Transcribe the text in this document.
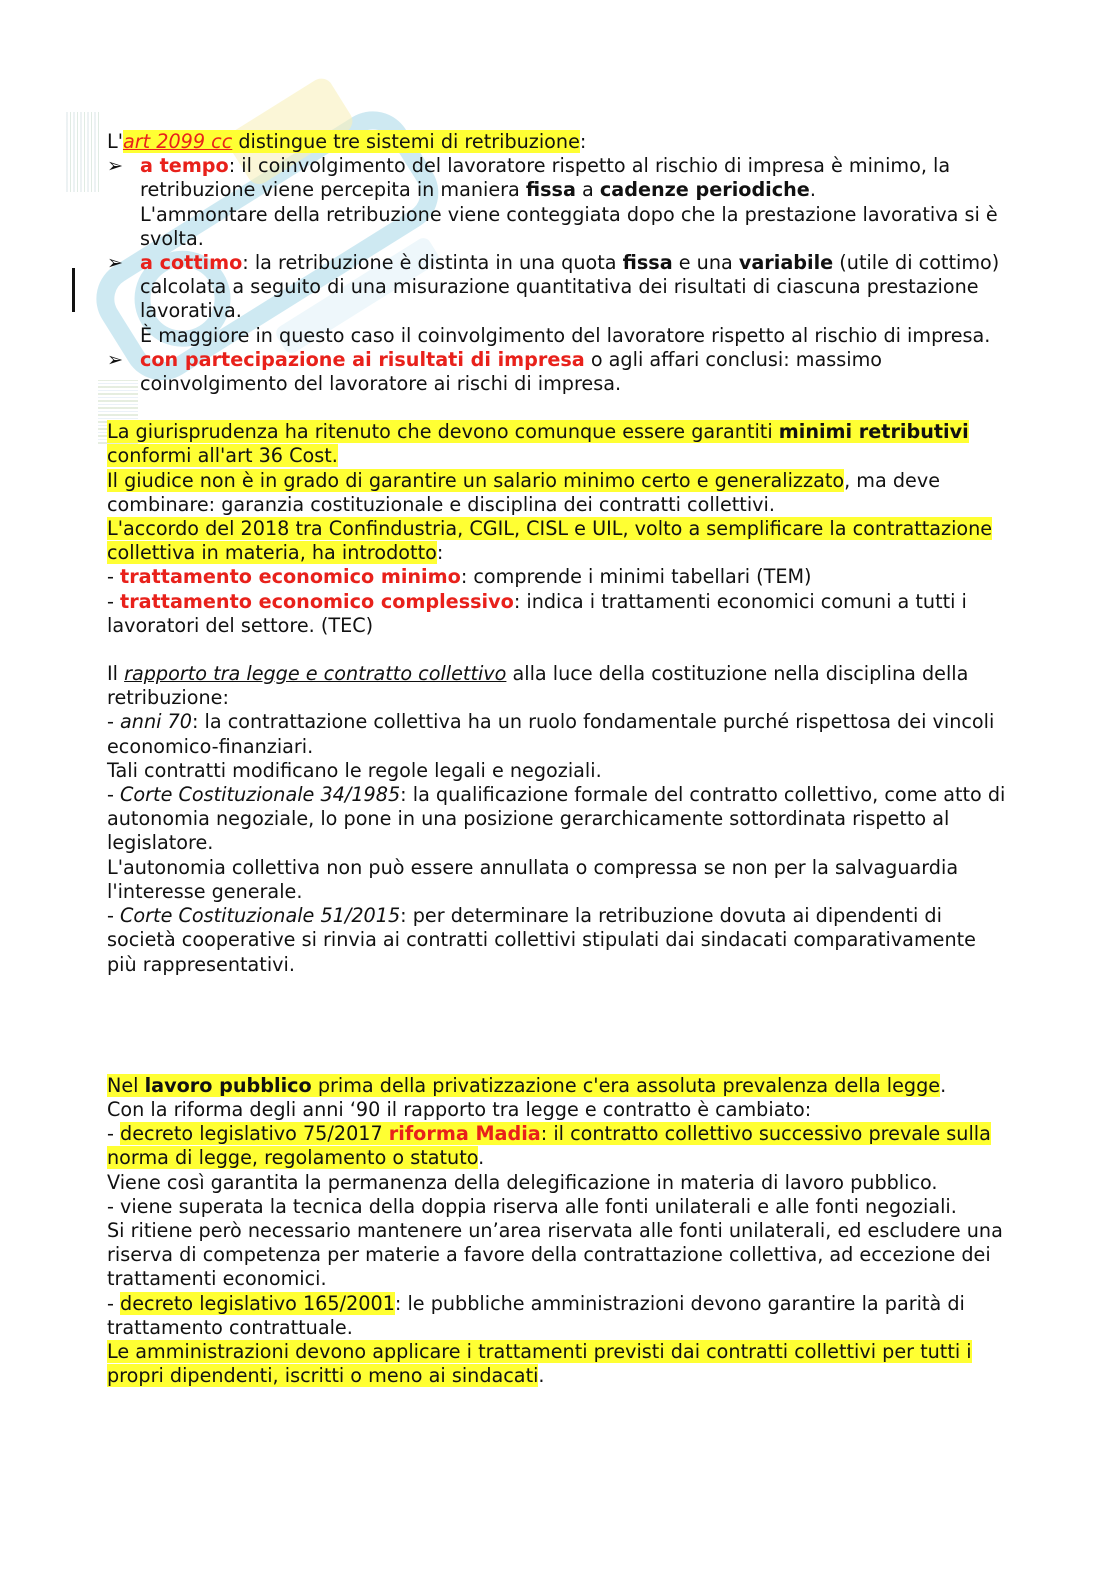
L'art 2099 cc distingue tre sistemi di retribuzione:

➢ a tempo: il coinvolgimento del lavoratore rispetto al rischio di impresa è minimo, la retribuzione viene percepita in maniera fissa a cadenze periodiche.

L'ammontare della retribuzione viene conteggiata dopo che la prestazione lavorativa si è svolta.

➢ a cottimo: la retribuzione è distinta in una quota fissa e una variabile (utile di cottimo) calcolata a seguito di una misurazione quantitativa dei risultati di ciascuna prestazione lavorativa.

È maggiore in questo caso il coinvolgimento del lavoratore rispetto al rischio di impresa.

➢ con partecipazione ai risultati di impresa o agli affari conclusi: massimo coinvolgimento del lavoratore ai rischi di impresa.

La giurisprudenza ha ritenuto che devono comunque essere garantiti minimi retributivi conformi all'art 36 Cost.

Il giudice non è in grado di garantire un salario minimo certo e generalizzato, ma deve combinare: garanzia costituzionale e disciplina dei contratti collettivi.

L'accordo del 2018 tra Confindustria, CGIL, CISL e UIL, volto a semplificare la contrattazione collettiva in materia, ha introdotto:

- trattamento economico minimo: comprende i minimi tabellari (TEM)

- trattamento economico complessivo: indica i trattamenti economici comuni a tutti i lavoratori del settore. (TEC)

Il rapporto tra legge e contratto collettivo alla luce della costituzione nella disciplina della retribuzione:

- anni 70: la contrattazione collettiva ha un ruolo fondamentale purché rispettosa dei vincoli economico-finanziari.

Tali contratti modificano le regole legali e negoziali.

- Corte Costituzionale 34/1985: la qualificazione formale del contratto collettivo, come atto di autonomia negoziale, lo pone in una posizione gerarchicamente sottordinata rispetto al legislatore.

L'autonomia collettiva non può essere annullata o compressa se non per la salvaguardia l'interesse generale.

- Corte Costituzionale 51/2015: per determinare la retribuzione dovuta ai dipendenti di società cooperative si rinvia ai contratti collettivi stipulati dai sindacati comparativamente più rappresentativi.

Nel lavoro pubblico prima della privatizzazione c'era assoluta prevalenza della legge.

Con la riforma degli anni ‘90 il rapporto tra legge e contratto è cambiato:

- decreto legislativo 75/2017 riforma Madia: il contratto collettivo successivo prevale sulla norma di legge, regolamento o statuto.

Viene così garantita la permanenza della delegificazione in materia di lavoro pubblico.

- viene superata la tecnica della doppia riserva alle fonti unilaterali e alle fonti negoziali.

Si ritiene però necessario mantenere un’area riservata alle fonti unilaterali, ed escludere una riserva di competenza per materie a favore della contrattazione collettiva, ad eccezione dei trattamenti economici.

- decreto legislativo 165/2001: le pubbliche amministrazioni devono garantire la parità di trattamento contrattuale.

Le amministrazioni devono applicare i trattamenti previsti dai contratti collettivi per tutti i propri dipendenti, iscritti o meno ai sindacati.
